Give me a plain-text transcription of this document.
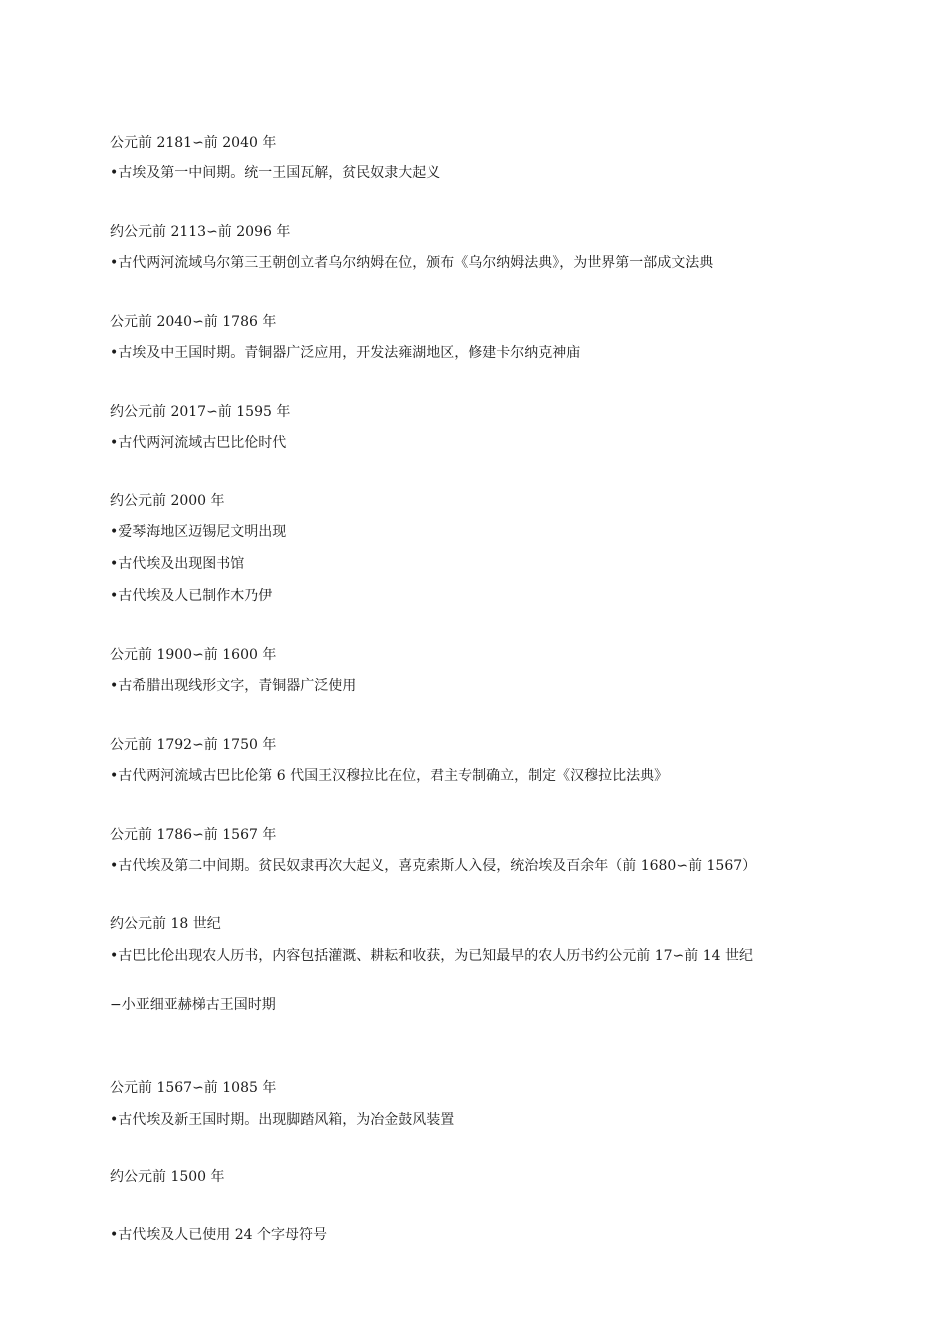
公元前 2181∽前 2040 年
•古埃及第一中间期。统一王国瓦解，贫民奴隶大起义
约公元前 2113∽前 2096 年
•古代两河流域乌尔第三王朝创立者乌尔纳姆在位，颁布《乌尔纳姆法典》，为世界第一部成文法典
公元前 2040∽前 1786 年
•古埃及中王国时期。青铜器广泛应用，开发法雍湖地区，修建卡尔纳克神庙
约公元前 2017∽前 1595 年
•古代两河流域古巴比伦时代
约公元前 2000 年
•爱琴海地区迈锡尼文明出现
•古代埃及出现图书馆
•古代埃及人已制作木乃伊
公元前 1900∽前 1600 年
•古希腊出现线形文字，青铜器广泛使用
公元前 1792∽前 1750 年
•古代两河流域古巴比伦第 6 代国王汉穆拉比在位，君主专制确立，制定《汉穆拉比法典》
公元前 1786∽前 1567 年
•古代埃及第二中间期。贫民奴隶再次大起义，喜克索斯人入侵，统治埃及百余年（前 1680∽前 1567）
约公元前 18 世纪
•古巴比伦出现农人历书，内容包括灌溉、耕耘和收获，为已知最早的农人历书约公元前 17∽前 14 世纪
−小亚细亚赫梯古王国时期
公元前 1567∽前 1085 年
•古代埃及新王国时期。出现脚踏风箱，为冶金鼓风装置
约公元前 1500 年
•古代埃及人已使用 24 个字母符号
